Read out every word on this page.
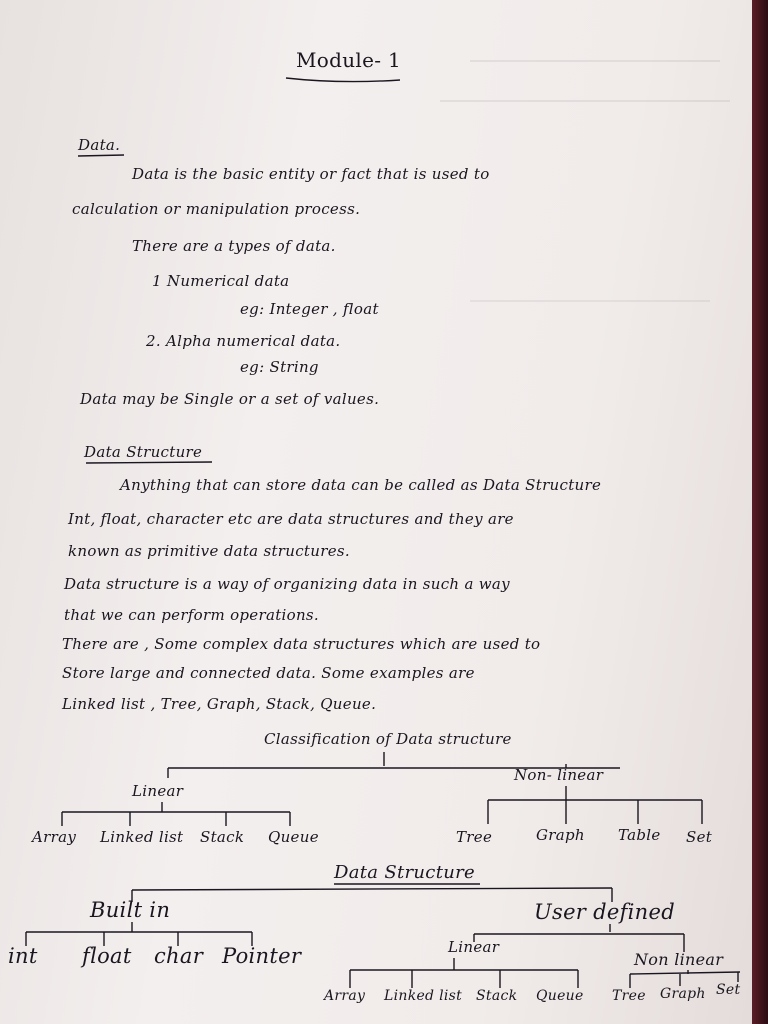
Module- 1
Data.
Data is the basic entity or fact that is used to
calculation or manipulation process.
There are a types of data.
1 Numerical data
eg: Integer , float
2. Alpha numerical data.
eg: String
Data may be Single or a set of values.
Data Structure
Anything that can store data can be called as Data Structure
Int, float, character etc are data structures and they are
known as primitive data structures.
Data structure is a way of organizing data in such a way
that we can perform operations.
There are , Some complex data structures which are used to
Store large and connected data. Some examples are
Linked list , Tree, Graph, Stack, Queue.
Classification of Data structure
Linear
Non- linear
Array Linked list Stack Queue	Tree	Graph Table Set
Data Structure
Built in	User defined
int float char Pointer	Linear
Non linear
Array Linked list Stack Queue Tree Graph Set
